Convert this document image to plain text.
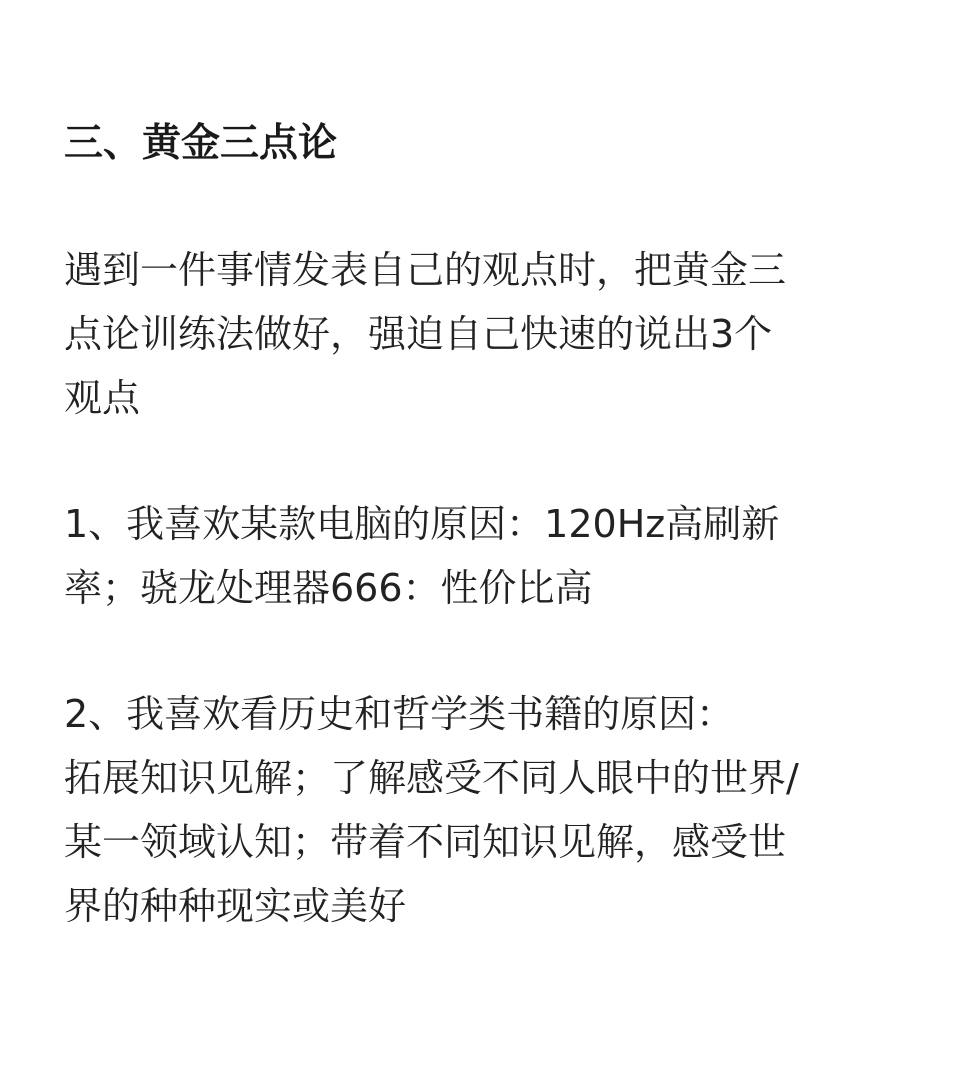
三、黄金三点论
遇到一件事情发表自己的观点时，把黄金三
点论训练法做好，强迫自己快速的说出3个
观点
1、我喜欢某款电脑的原因：120Hz高刷新
率；骁龙处理器666：性价比高
2、我喜欢看历史和哲学类书籍的原因：
拓展知识见解；了解感受不同人眼中的世界/
某一领域认知；带着不同知识见解，感受世
界的种种现实或美好
